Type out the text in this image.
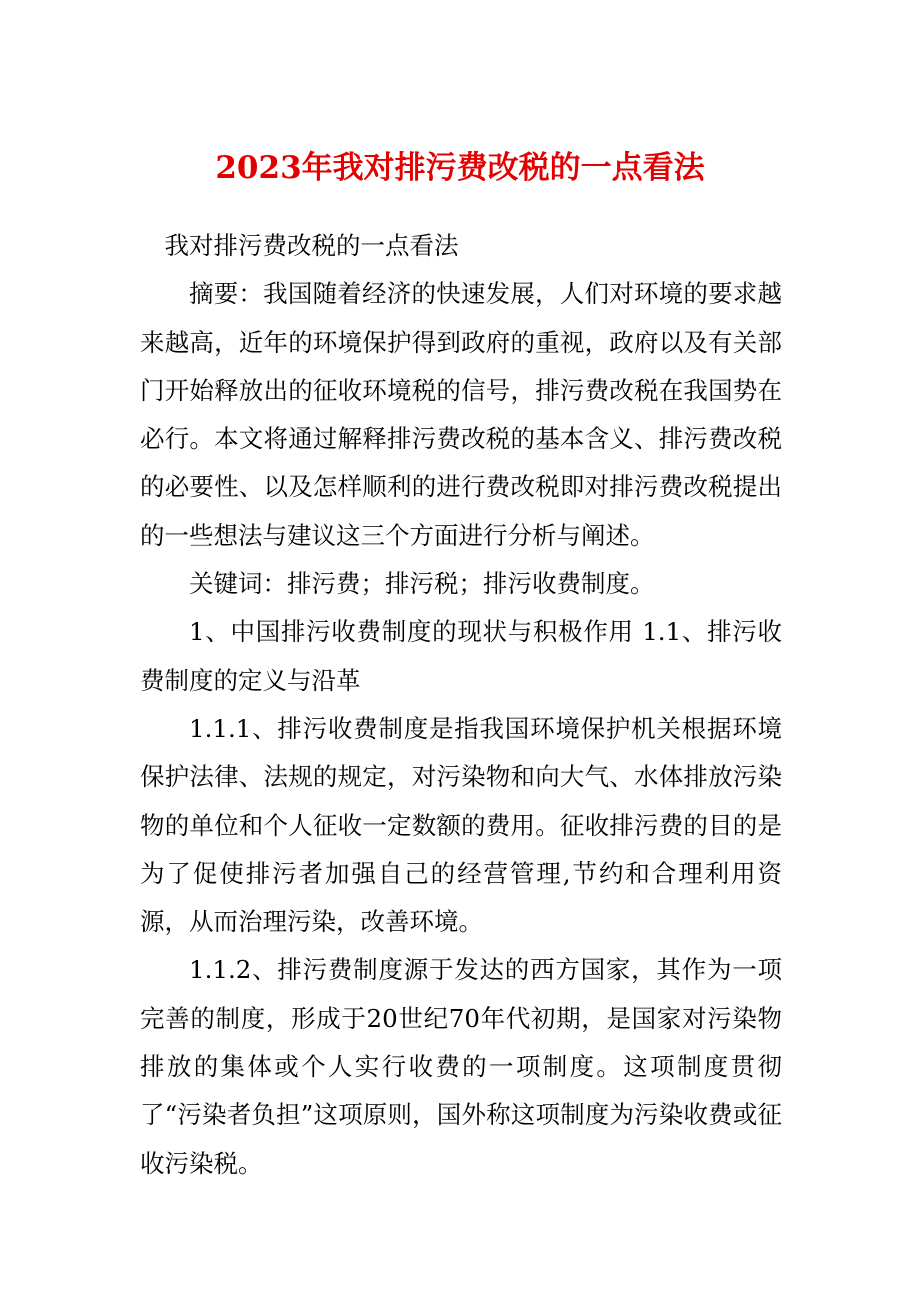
2023年我对排污费改税的一点看法

我对排污费改税的一点看法

摘要：我国随着经济的快速发展，人们对环境的要求越来越高，近年的环境保护得到政府的重视，政府以及有关部门开始释放出的征收环境税的信号，排污费改税在我国势在必行。本文将通过解释排污费改税的基本含义、排污费改税的必要性、以及怎样顺利的进行费改税即对排污费改税提出的一些想法与建议这三个方面进行分析与阐述。

关键词：排污费；排污税；排污收费制度。

1、中国排污收费制度的现状与积极作用 1.1、排污收费制度的定义与沿革

1.1.1、排污收费制度是指我国环境保护机关根据环境保护法律、法规的规定，对污染物和向大气、水体排放污染物的单位和个人征收一定数额的费用。征收排污费的目的是为了促使排污者加强自己的经营管理,节约和合理利用资源，从而治理污染，改善环境。

1.1.2、排污费制度源于发达的西方国家，其作为一项完善的制度，形成于20世纪70年代初期，是国家对污染物排放的集体或个人实行收费的一项制度。这项制度贯彻了“污染者负担”这项原则，国外称这项制度为污染收费或征收污染税。
